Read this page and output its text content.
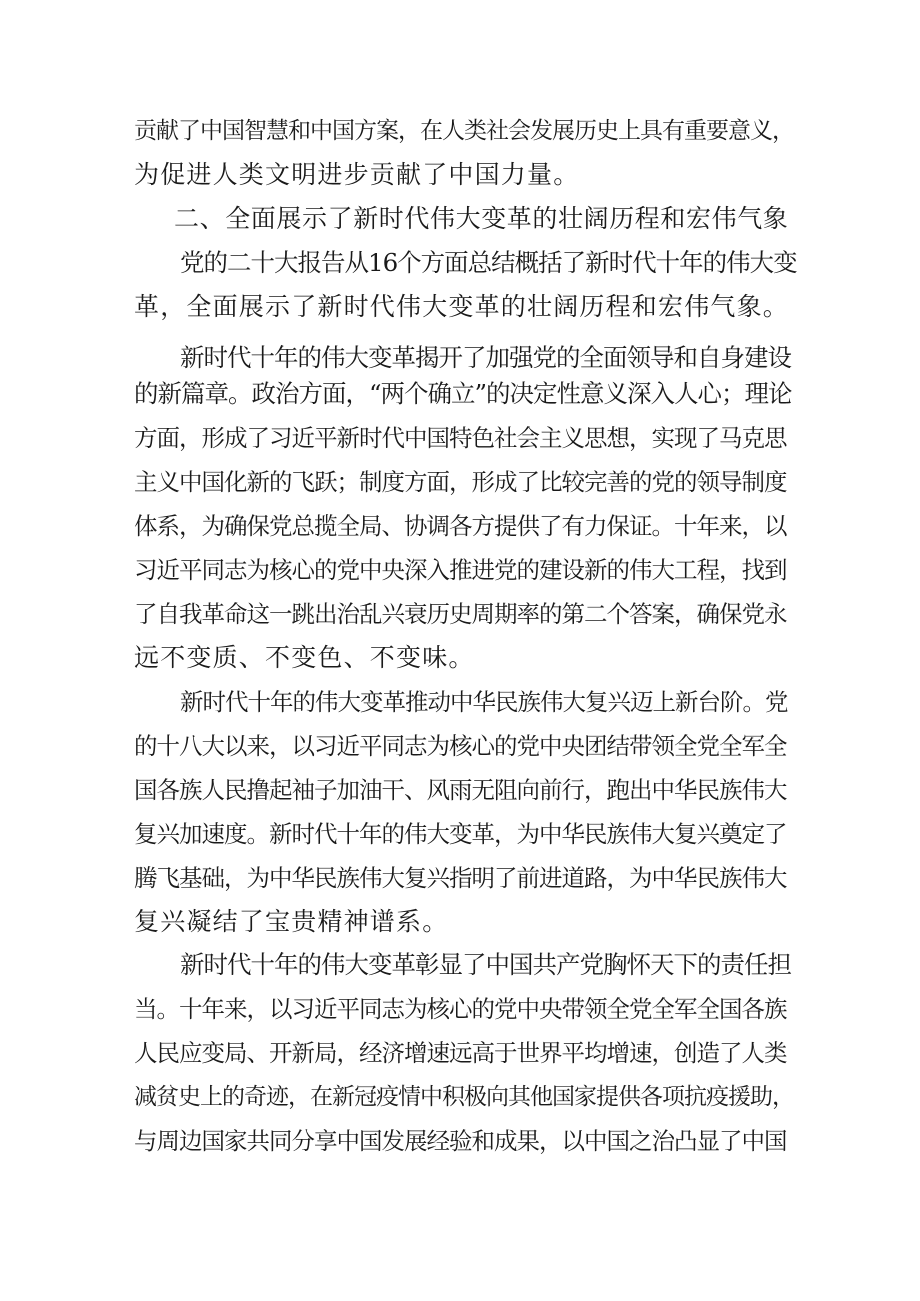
贡献了中国智慧和中国方案，在人类社会发展历史上具有重要意义，
为促进人类文明进步贡献了中国力量。
二、全面展示了新时代伟大变革的壮阔历程和宏伟气象
党的二十大报告从16个方面总结概括了新时代十年的伟大变
革，全面展示了新时代伟大变革的壮阔历程和宏伟气象。
新时代十年的伟大变革揭开了加强党的全面领导和自身建设
的新篇章。政治方面，“两个确立”的决定性意义深入人心；理论
方面，形成了习近平新时代中国特色社会主义思想，实现了马克思
主义中国化新的飞跃；制度方面，形成了比较完善的党的领导制度
体系，为确保党总揽全局、协调各方提供了有力保证。十年来，以
习近平同志为核心的党中央深入推进党的建设新的伟大工程，找到
了自我革命这一跳出治乱兴衰历史周期率的第二个答案，确保党永
远不变质、不变色、不变味。
新时代十年的伟大变革推动中华民族伟大复兴迈上新台阶。党
的十八大以来，以习近平同志为核心的党中央团结带领全党全军全
国各族人民撸起袖子加油干、风雨无阻向前行，跑出中华民族伟大
复兴加速度。新时代十年的伟大变革，为中华民族伟大复兴奠定了
腾飞基础，为中华民族伟大复兴指明了前进道路，为中华民族伟大
复兴凝结了宝贵精神谱系。
新时代十年的伟大变革彰显了中国共产党胸怀天下的责任担
当。十年来，以习近平同志为核心的党中央带领全党全军全国各族
人民应变局、开新局，经济增速远高于世界平均增速，创造了人类
减贫史上的奇迹，在新冠疫情中积极向其他国家提供各项抗疫援助，
与周边国家共同分享中国发展经验和成果，以中国之治凸显了中国
